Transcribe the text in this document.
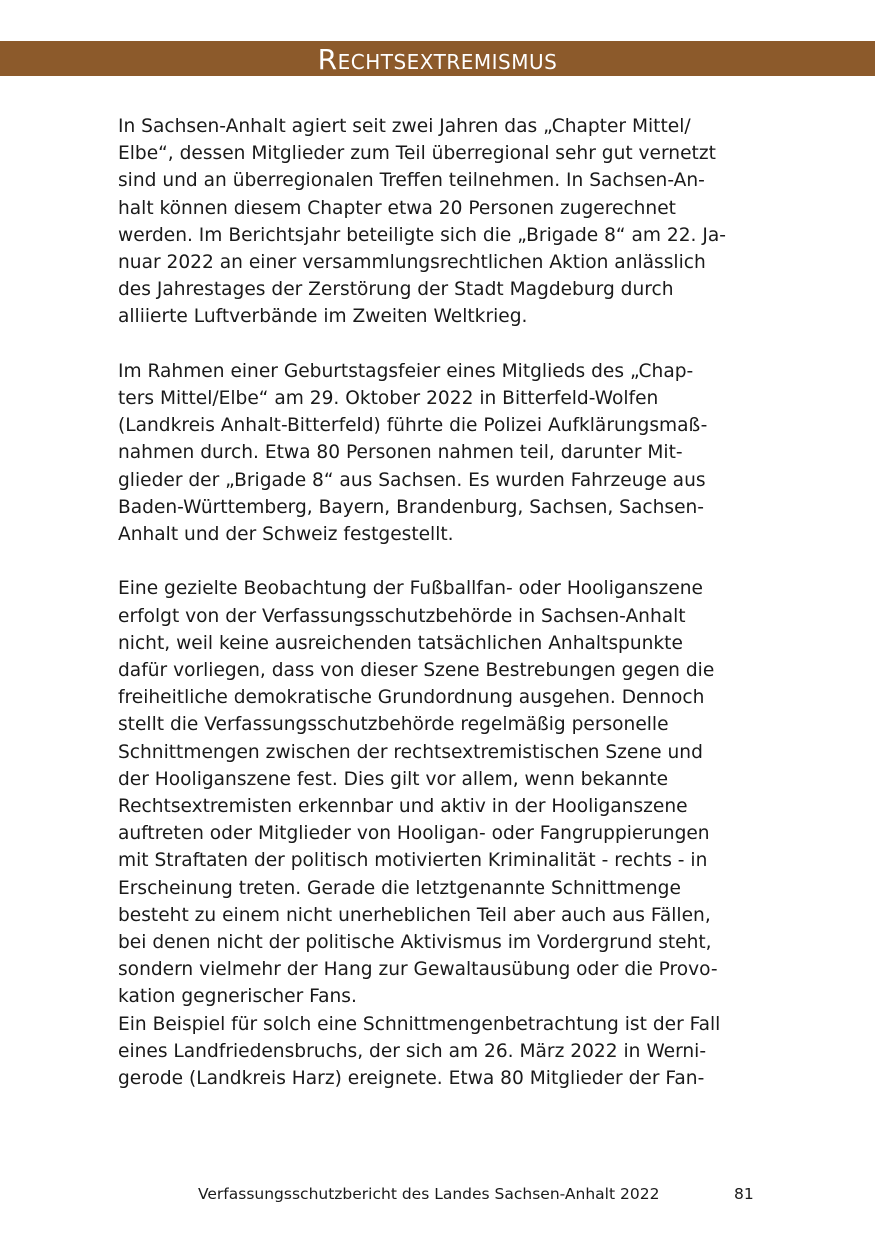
Rechtsextremismus

In Sachsen-Anhalt agiert seit zwei Jahren das „Chapter Mittel/
Elbe“, dessen Mitglieder zum Teil überregional sehr gut vernetzt
sind und an überregionalen Treffen teilnehmen. In Sachsen-An-
halt können diesem Chapter etwa 20 Personen zugerechnet
werden. Im Berichtsjahr beteiligte sich die „Brigade 8“ am 22. Ja-
nuar 2022 an einer versammlungsrechtlichen Aktion anlässlich
des Jahrestages der Zerstörung der Stadt Magdeburg durch
alliierte Luftverbände im Zweiten Weltkrieg.

Im Rahmen einer Geburtstagsfeier eines Mitglieds des „Chap-
ters Mittel/Elbe“ am 29. Oktober 2022 in Bitterfeld-Wolfen
(Landkreis Anhalt-Bitterfeld) führte die Polizei Aufklärungsmaß-
nahmen durch. Etwa 80 Personen nahmen teil, darunter Mit-
glieder der „Brigade 8“ aus Sachsen. Es wurden Fahrzeuge aus
Baden-Württemberg, Bayern, Brandenburg, Sachsen, Sachsen-
Anhalt und der Schweiz festgestellt.

Eine gezielte Beobachtung der Fußballfan- oder Hooliganszene
erfolgt von der Verfassungsschutzbehörde in Sachsen-Anhalt
nicht, weil keine ausreichenden tatsächlichen Anhaltspunkte
dafür vorliegen, dass von dieser Szene Bestrebungen gegen die
freiheitliche demokratische Grundordnung ausgehen. Dennoch
stellt die Verfassungsschutzbehörde regelmäßig personelle
Schnittmengen zwischen der rechtsextremistischen Szene und
der Hooliganszene fest. Dies gilt vor allem, wenn bekannte
Rechtsextremisten erkennbar und aktiv in der Hooliganszene
auftreten oder Mitglieder von Hooligan- oder Fangruppierungen
mit Straftaten der politisch motivierten Kriminalität - rechts - in
Erscheinung treten. Gerade die letztgenannte Schnittmenge
besteht zu einem nicht unerheblichen Teil aber auch aus Fällen,
bei denen nicht der politische Aktivismus im Vordergrund steht,
sondern vielmehr der Hang zur Gewaltausübung oder die Provo-
kation gegnerischer Fans.

Ein Beispiel für solch eine Schnittmengenbetrachtung ist der Fall
eines Landfriedensbruchs, der sich am 26. März 2022 in Werni-
gerode (Landkreis Harz) ereignete. Etwa 80 Mitglieder der Fan-

Verfassungsschutzbericht des Landes Sachsen-Anhalt 2022	81
